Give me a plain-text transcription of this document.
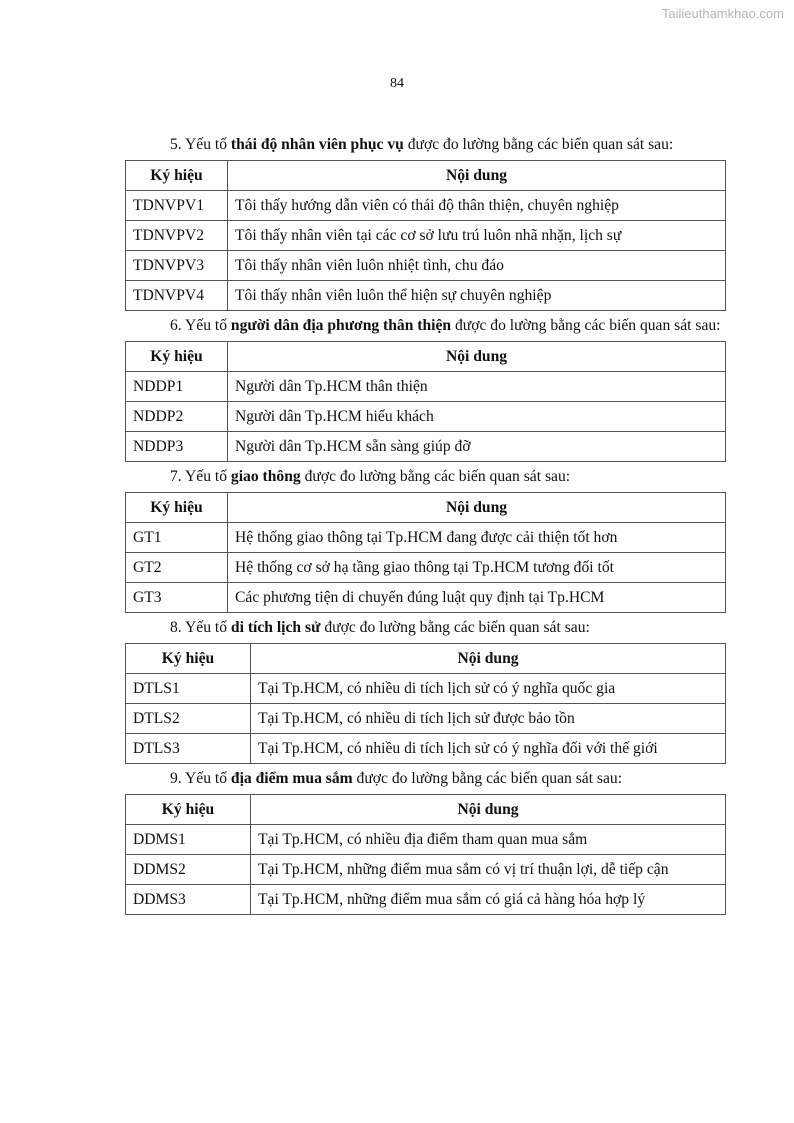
Tailieuthamkhao.com
84

5. Yếu tố thái độ nhân viên phục vụ được đo lường bằng các biến quan sát sau:

Ký hiệu	Nội dung
TDNVPV1	Tôi thấy hướng dẫn viên có thái độ thân thiện, chuyên nghiệp
TDNVPV2	Tôi thấy nhân viên tại các cơ sở lưu trú luôn nhã nhặn, lịch sự
TDNVPV3	Tôi thấy nhân viên luôn nhiệt tình, chu đáo
TDNVPV4	Tôi thấy nhân viên luôn thể hiện sự chuyên nghiệp

6. Yếu tố người dân địa phương thân thiện được đo lường bằng các biến quan sát sau:

Ký hiệu	Nội dung
NDDP1	Người dân Tp.HCM thân thiện
NDDP2	Người dân Tp.HCM hiếu khách
NDDP3	Người dân Tp.HCM sẵn sàng giúp đỡ

7. Yếu tố giao thông được đo lường bằng các biến quan sát sau:

Ký hiệu	Nội dung
GT1	Hệ thống giao thông tại Tp.HCM đang được cải thiện tốt hơn
GT2	Hệ thống cơ sở hạ tầng giao thông tại Tp.HCM tương đối tốt
GT3	Các phương tiện di chuyển đúng luật quy định tại Tp.HCM

8. Yếu tố di tích lịch sử được đo lường bằng các biến quan sát sau:

Ký hiệu	Nội dung
DTLS1	Tại Tp.HCM, có nhiều di tích lịch sử có ý nghĩa quốc gia
DTLS2	Tại Tp.HCM, có nhiều di tích lịch sử được bảo tồn
DTLS3	Tại Tp.HCM, có nhiều di tích lịch sử có ý nghĩa đối với thế giới

9. Yếu tố địa điểm mua sắm được đo lường bằng các biến quan sát sau:

Ký hiệu	Nội dung
DDMS1	Tại Tp.HCM, có nhiều địa điểm tham quan mua sắm
DDMS2	Tại Tp.HCM, những điểm mua sắm có vị trí thuận lợi, dễ tiếp cận
DDMS3	Tại Tp.HCM, những điểm mua sắm có giá cả hàng hóa hợp lý
